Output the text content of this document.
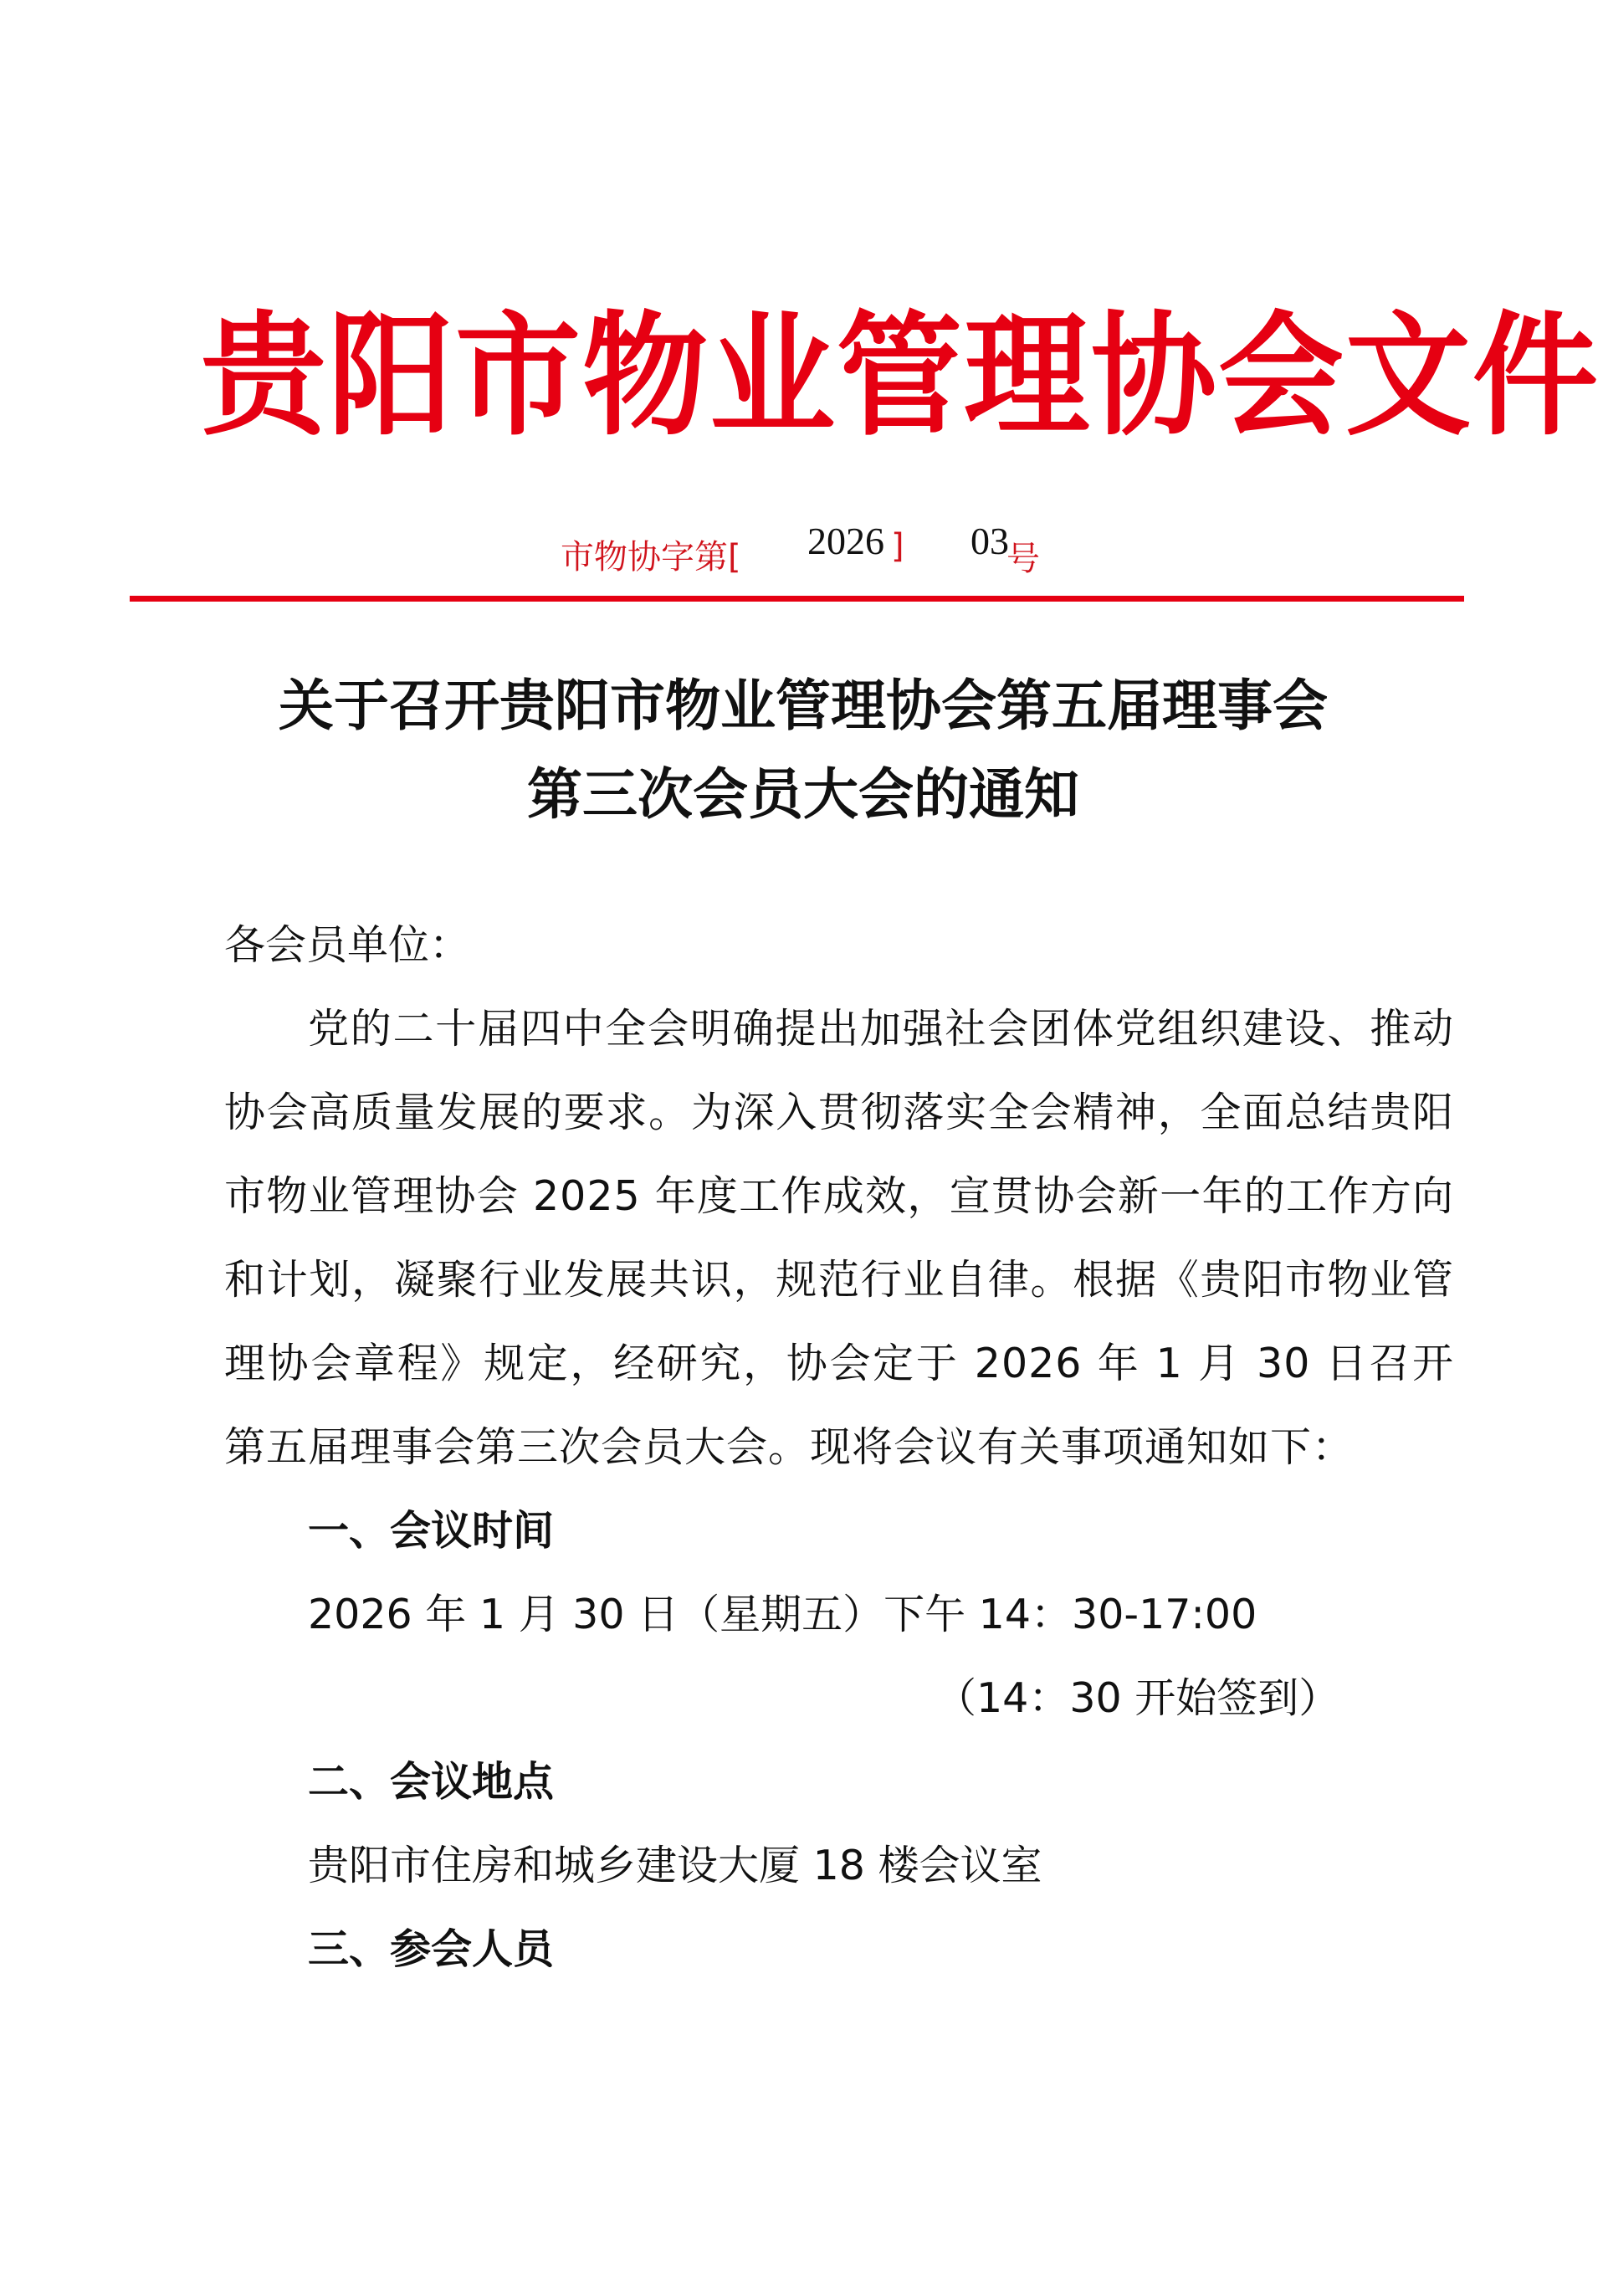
贵阳市物业管理协会文件
市物协字第[ 2026 ] 03
号
关于召开贵阳市物业管理协会第五届理事会
第三次会员大会的通知

各会员单位：

党的二十届四中全会明确提出加强社会团体党组织建设、推动协会高质量发展的要求。为深入贯彻落实全会精神，全面总结贵阳市物业管理协会 2025 年度工作成效，宣贯协会新一年的工作方向和计划，凝聚行业发展共识，规范行业自律。根据《贵阳市物业管理协会章程》规定，经研究，协会定于 2026 年 1 月 30 日召开第五届理事会第三次会员大会。现将会议有关事项通知如下：

一、会议时间

2026 年 1 月 30 日（星期五）下午 14：30-17:00

（14：30 开始签到）

二、会议地点

贵阳市住房和城乡建设大厦 18 楼会议室

三、参会人员
